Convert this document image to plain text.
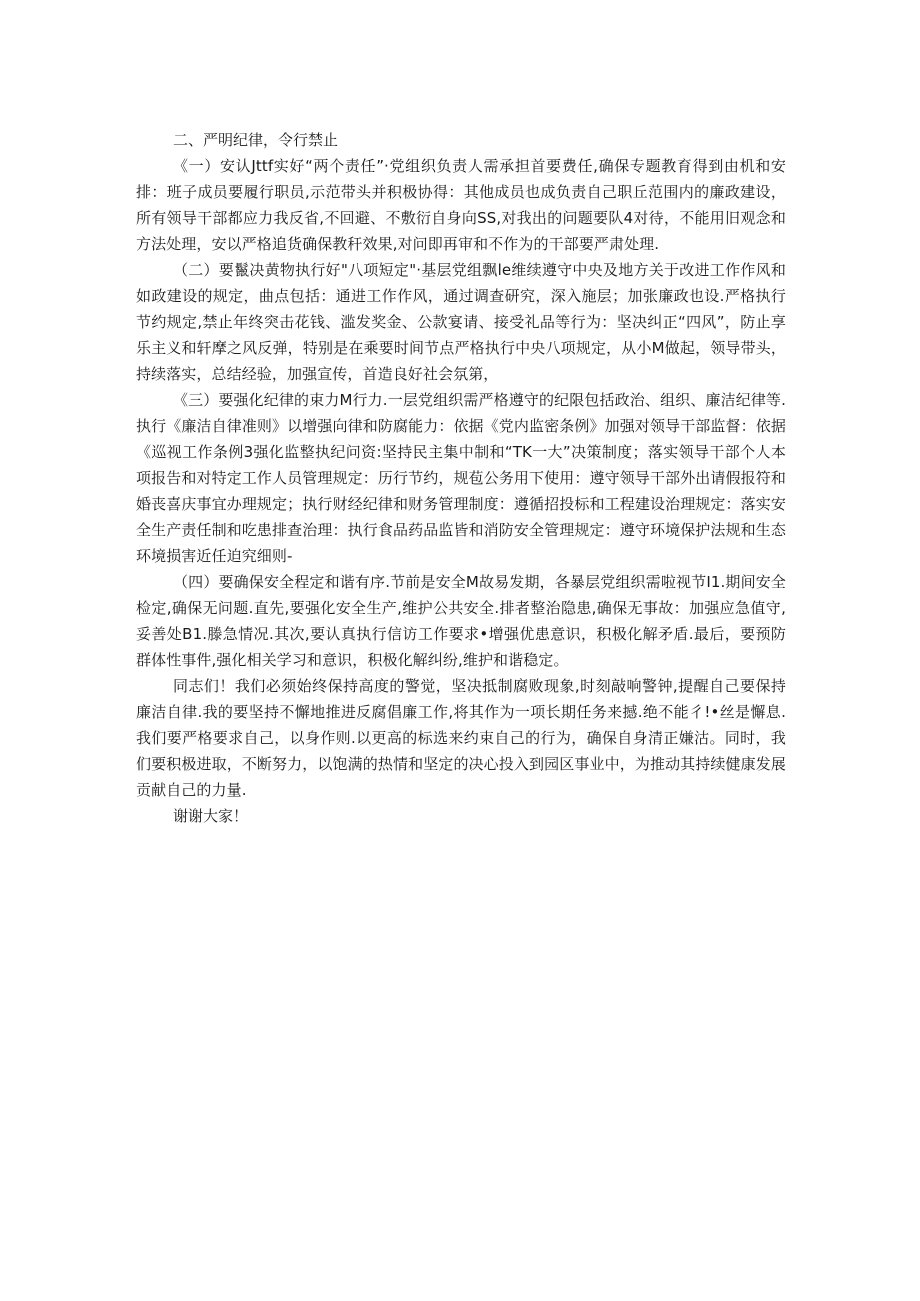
二、严明纪律，令行禁止

《一）安认Jttf实好“两个责任”·党组织负责人需承担首要费任,确保专题教育得到由机和安排：班子成员要履行职员,示范带头并积极协得：其他成员也成负责自己职丘范围内的廉政建设，所有领导干部都应力我反省,不回避、不敷衍自身向SS,对我出的问题要队4对待，不能用旧观念和方法处理，安以严格追货确保教秆效果,对问即再审和不作为的干部要严肃处理.

（二）要鬣决黄物执行好"八项短定"·基层党组飘le维续遵守中央及地方关于改进工作作风和如政建设的规定，曲点包括：通进工作作风，通过调查研究，深入施层；加张廉政也设.严格执行节约规定,禁止年终突击花钱、滥发奖金、公款宴请、接受礼品等行为：坚决纠正“四风”，防止享乐主义和轩摩之风反弹，特别是在乘要时间节点严格执行中央八项规定，从小M做起，领导带头，持续落实，总结经验，加强宣传，首造良好社会氛第，

《三）要强化纪律的束力M行力.一层党组织需严格遵守的纪限包括政治、组织、廉洁纪律等.执行《廉洁自律准则》以增强向律和防腐能力：依据《党内监密条例》加强对领导干部监督：依据《巡视工作条例3强化监整执纪问资:坚持民主集中制和“TK一大”决策制度；落实领导干部个人本项报告和对特定工作人员管理规定：历行节约，规苞公务用下使用：遵守领导干部外出请假报符和婚丧喜庆事宜办理规定；执行财经纪律和财务管理制度：遵循招投标和工程建设治理规定：落实安全生产责任制和吃患排查治理：执行食品药品监皆和消防安全管理规定：遵守环境保护法规和生态环境损害近任迫究细则-

（四）要确保安全程定和谐有序.节前是安全M故易发期，各暴层党组织需啦视节I1.期间安全检定,确保无问题.直先,要强化安全生产,维护公共安全.排者整治隐患,确保无事故：加强应急值守,妥善处B1.滕急情况.其次,要认真执行信访工作要求•增强优患意识，积极化解矛盾.最后，要预防群体性事件,强化相关学习和意识，积极化解纠纷,维护和谐稳定。

同志们！我们必须始终保持高度的警觉，坚决抵制腐败现象,时刻敲响警钟,提醒自己要保持廉洁自律.我的要坚持不懈地推进反腐倡廉工作,将其作为一项长期任务来撼.绝不能彳!•丝是懈息.我们要严格要求自己，以身作则.以更高的标选来约束自己的行为，确保自身清正嫌沽。同时，我们要积极进取，不断努力，以饱满的热情和坚定的决心投入到园区事业中，为推动其持续健康发展贡献自己的力量.

谢谢大家！
